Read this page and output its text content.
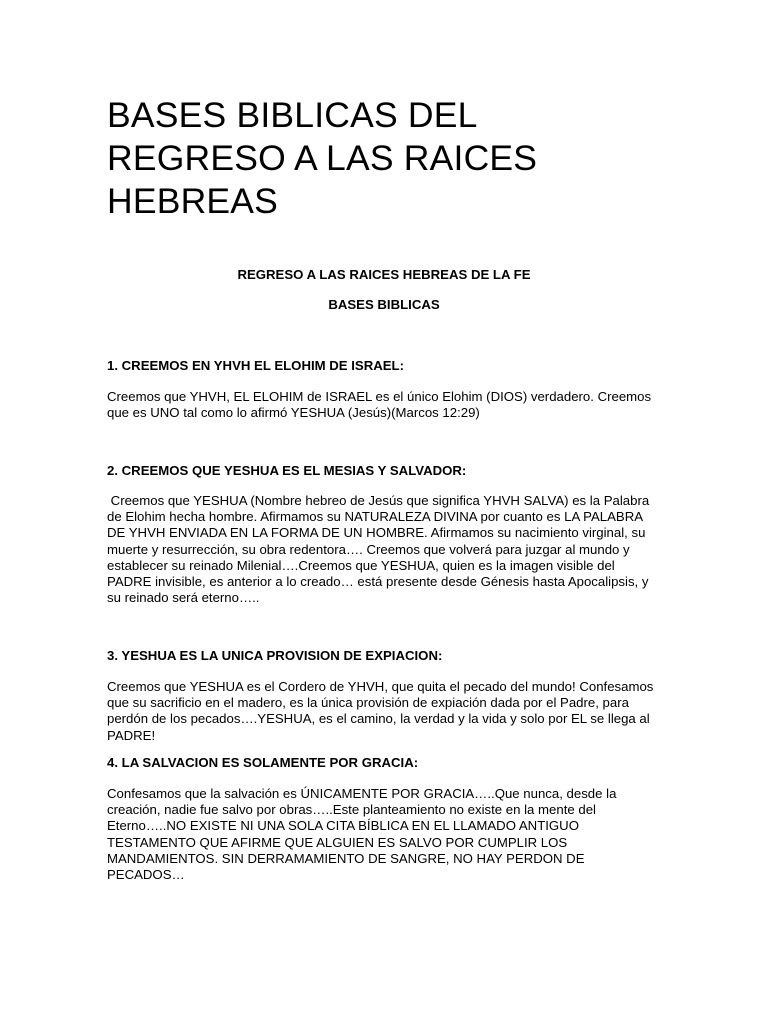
BASES BIBLICAS DEL
REGRESO A LAS RAICES
HEBREAS

REGRESO A LAS RAICES HEBREAS DE LA FE

BASES BIBLICAS

1. CREEMOS EN YHVH EL ELOHIM DE ISRAEL:

Creemos que YHVH, EL ELOHIM de ISRAEL es el único Elohim (DIOS) verdadero. Creemos
que es UNO tal como lo afirmó YESHUA (Jesús)(Marcos 12:29)

2. CREEMOS QUE YESHUA ES EL MESIAS Y SALVADOR:

Creemos que YESHUA (Nombre hebreo de Jesús que significa YHVH SALVA) es la Palabra
de Elohim hecha hombre. Afirmamos su NATURALEZA DIVINA por cuanto es LA PALABRA
DE YHVH ENVIADA EN LA FORMA DE UN HOMBRE. Afirmamos su nacimiento virginal, su
muerte y resurrección, su obra redentora…. Creemos que volverá para juzgar al mundo y
establecer su reinado Milenial….Creemos que YESHUA, quien es la imagen visible del
PADRE invisible, es anterior a lo creado… está presente desde Génesis hasta Apocalipsis, y
su reinado será eterno…..

3. YESHUA ES LA UNICA PROVISION DE EXPIACION:

Creemos que YESHUA es el Cordero de YHVH, que quita el pecado del mundo! Confesamos
que su sacrificio en el madero, es la única provisión de expiación dada por el Padre, para
perdón de los pecados….YESHUA, es el camino, la verdad y la vida y solo por EL se llega al
PADRE!

4. LA SALVACION ES SOLAMENTE POR GRACIA:

Confesamos que la salvación es ÚNICAMENTE POR GRACIA…..Que nunca, desde la
creación, nadie fue salvo por obras…..Este planteamiento no existe en la mente del
Eterno…..NO EXISTE NI UNA SOLA CITA BÍBLICA EN EL LLAMADO ANTIGUO
TESTAMENTO QUE AFIRME QUE ALGUIEN ES SALVO POR CUMPLIR LOS
MANDAMIENTOS. SIN DERRAMAMIENTO DE SANGRE, NO HAY PERDON DE
PECADOS…
